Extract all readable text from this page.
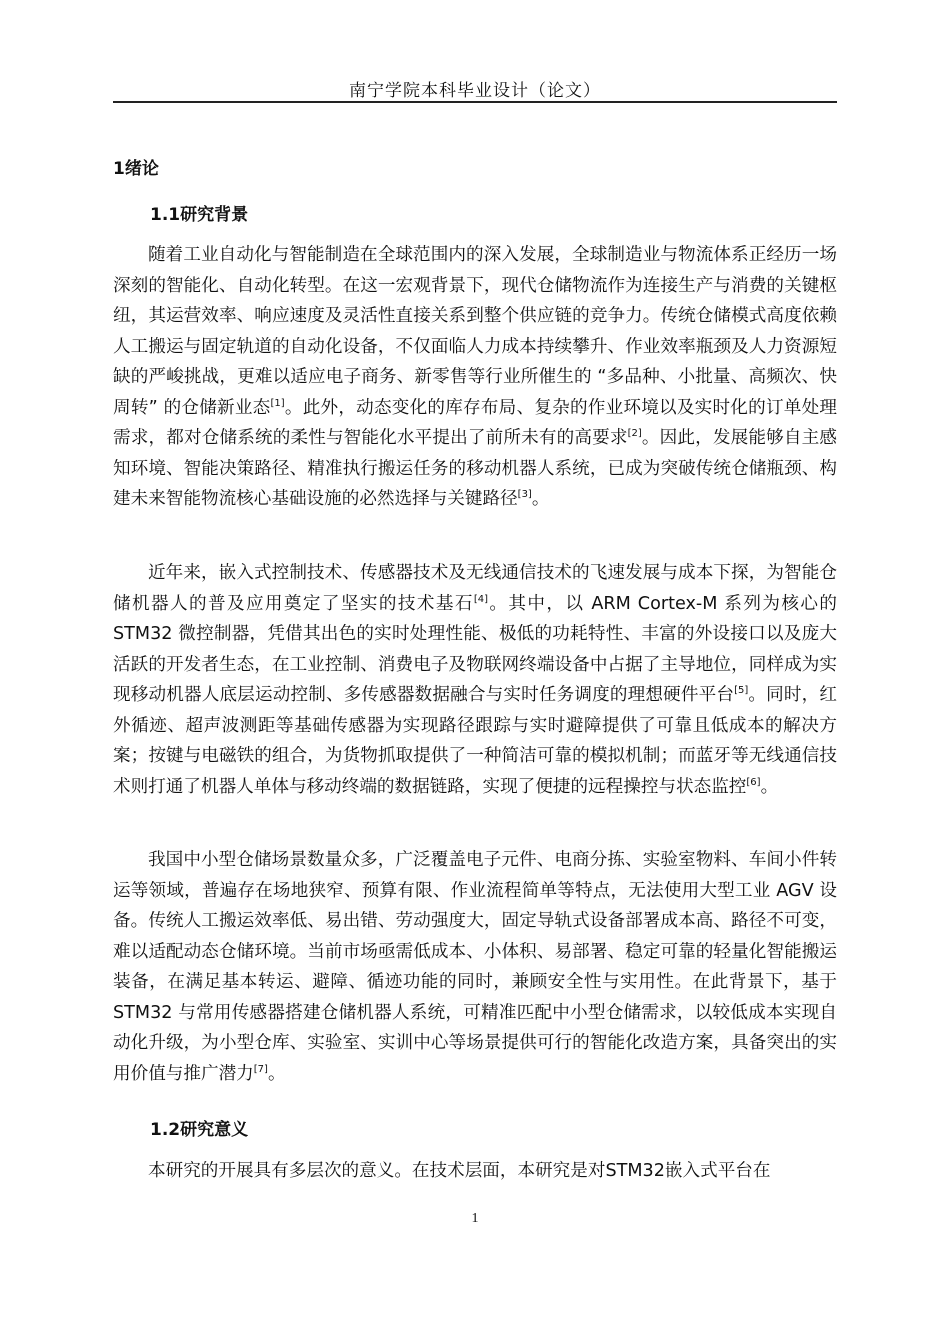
南宁学院本科毕业设计（论文）
1绪论
1.1研究背景
随着工业自动化与智能制造在全球范围内的深入发展，全球制造业与物流体系正经历一场深刻的智能化、自动化转型。在这一宏观背景下，现代仓储物流作为连接生产与消费的关键枢纽，其运营效率、响应速度及灵活性直接关系到整个供应链的竞争力。传统仓储模式高度依赖人工搬运与固定轨道的自动化设备，不仅面临人力成本持续攀升、作业效率瓶颈及人力资源短缺的严峻挑战，更难以适应电子商务、新零售等行业所催生的 “多品种、小批量、高频次、快周转” 的仓储新业态[1]。此外，动态变化的库存布局、复杂的作业环境以及实时化的订单处理需求，都对仓储系统的柔性与智能化水平提出了前所未有的高要求[2]。因此，发展能够自主感知环境、智能决策路径、精准执行搬运任务的移动机器人系统，已成为突破传统仓储瓶颈、构建未来智能物流核心基础设施的必然选择与关键路径[3]。
近年来，嵌入式控制技术、传感器技术及无线通信技术的飞速发展与成本下探，为智能仓储机器人的普及应用奠定了坚实的技术基石[4]。其中，以 ARM Cortex-M 系列为核心的 STM32 微控制器，凭借其出色的实时处理性能、极低的功耗特性、丰富的外设接口以及庞大活跃的开发者生态，在工业控制、消费电子及物联网终端设备中占据了主导地位，同样成为实现移动机器人底层运动控制、多传感器数据融合与实时任务调度的理想硬件平台[5]。同时，红外循迹、超声波测距等基础传感器为实现路径跟踪与实时避障提供了可靠且低成本的解决方案；按键与电磁铁的组合，为货物抓取提供了一种简洁可靠的模拟机制；而蓝牙等无线通信技术则打通了机器人单体与移动终端的数据链路，实现了便捷的远程操控与状态监控[6]。
我国中小型仓储场景数量众多，广泛覆盖电子元件、电商分拣、实验室物料、车间小件转运等领域，普遍存在场地狭窄、预算有限、作业流程简单等特点，无法使用大型工业 AGV 设备。传统人工搬运效率低、易出错、劳动强度大，固定导轨式设备部署成本高、路径不可变，难以适配动态仓储环境。当前市场亟需低成本、小体积、易部署、稳定可靠的轻量化智能搬运装备，在满足基本转运、避障、循迹功能的同时，兼顾安全性与实用性。在此背景下，基于 STM32 与常用传感器搭建仓储机器人系统，可精准匹配中小型仓储需求，以较低成本实现自动化升级，为小型仓库、实验室、实训中心等场景提供可行的智能化改造方案，具备突出的实用价值与推广潜力[7]。
1.2研究意义
本研究的开展具有多层次的意义。在技术层面，本研究是对STM32嵌入式平台在
1
